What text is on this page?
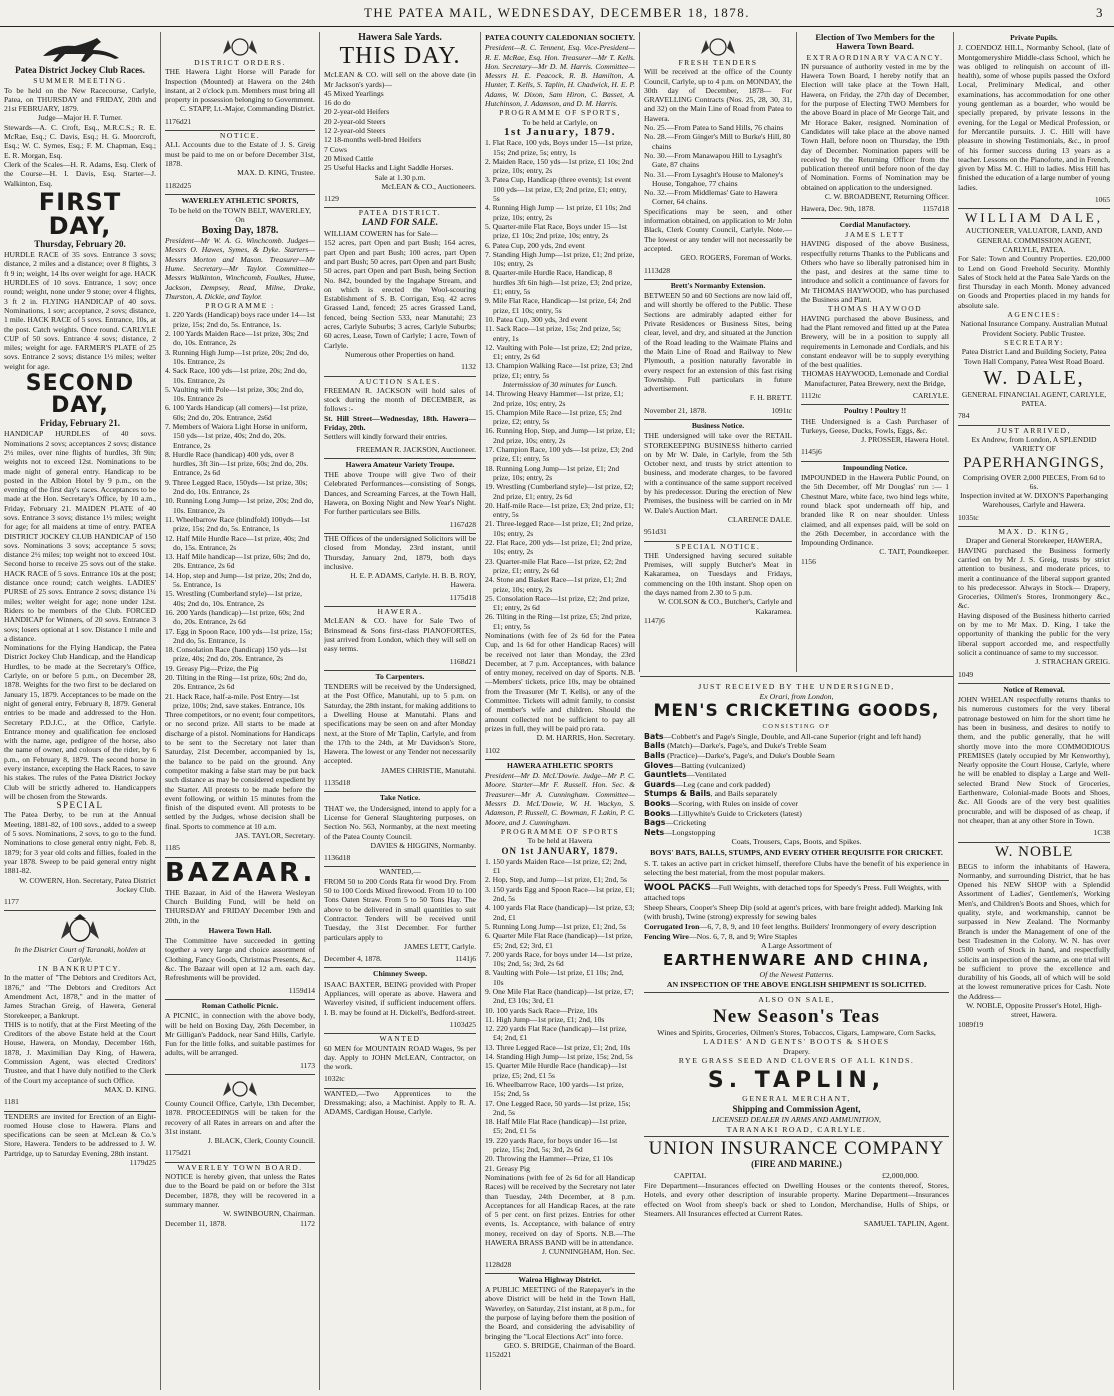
THE PATEA MAIL, WEDNESDAY, DECEMBER 18, 1878.	3
Patea District Jockey Club Races.
SUMMER MEETING.
To be held on the New Racecourse, Carlyle, Patea, on THURSDAY and FRIDAY, 20th and 21st FEBRUARY, 1879.
Judge—Major H. F. Turner.
Stewards—A. C. Croft, Esq., M.R.C.S.; R. E. McRae, Esq.; C. Davis, Esq.; H. G. Moorcroft, Esq.; W. C. Symes, Esq.; F. M. Chapman, Esq.; E. R. Morgan, Esq.
Clerk of the Scales—H. R. Adams, Esq. Clerk of the Course—H. I. Davis, Esq. Starter—J. Walkinton, Esq.
FIRST DAY,
Thursday, February 20.
HURDLE RACE of 35 sovs. Entrance 3 sovs; distance, 2 miles and a distance; over 8 flights, 3 ft 9 in; weight, 14 lbs over weight for age. HACK HURDLES of 10 sovs. Entrance, 1 sov; once round; weight, none under 9 stone; over 4 flights, 3 ft 2 in. FLYING HANDICAP of 40 sovs. Nominations, 1 sov; acceptance, 2 sovs; distance, 1 mile. HACK RACE of 5 sovs. Entrance, 10s, at the post. Catch weights. Once round. CARLYLE CUP of 50 sovs. Entrance 4 sovs; distance, 2 miles; weight for age. FARMER'S PLATE of 25 sovs. Entrance 2 sovs; distance 1½ miles; welter weight for age.
SECOND DAY,
Friday, February 21.
HANDICAP HURDLES of 40 sovs. Nominations 2 sovs; acceptances 2 sovs; distance 2½ miles, over nine flights of hurdles, 3ft 9in; weights not to exceed 12st. Nominations to be made night of general entry. Handicap to be posted in the Albion Hotel by 9 p.m., on the evening of the first day's races. Acceptances to be made at the Hon. Secretary's Office, by 10 a.m., Friday, February 21. MAIDEN PLATE of 40 sovs. Entrance 3 sovs; distance 1½ miles; weight for age; for all maidens at time of entry. PATEA DISTRICT JOCKEY CLUB HANDICAP of 150 sovs. Nominations 3 sovs; acceptance 5 sovs; distance 2½ miles; top weight not to exceed 10st. Second horse to receive 25 sovs out of the stake. HACK RACE of 5 sovs. Entrance 10s at the post; distance once round; catch weights. LADIES' PURSE of 25 sovs. Entrance 2 sovs; distance 1¼ miles; welter weight for age; none under 12st. Riders to be members of the Club. FORCED HANDICAP for Winners, of 20 sovs. Entrance 3 sovs; losers optional at 1 sov. Distance 1 mile and a distance.
Nominations for the Flying Handicap, the Patea District Jockey Club Handicap, and the Handicap Hurdles, to be made at the Secretary's Office, Carlyle, on or before 5 p.m., on December 28, 1878. Weights for the two first to be declared on January 15, 1879. Acceptances to be made on the night of general entry, February 8, 1879. General entries to be made and addressed to the Hon. Secretary P.D.J.C., at the Office, Carlyle. Entrance money and qualification fee enclosed with the name, age, pedigree of the horse, also the name of owner, and colours of the rider, by 6 p.m., on February 8, 1879. The second horse in every instance, excepting the Hack Races, to save his stakes. The rules of the Patea District Jockey Club will be strictly adhered to. Handicappers will be chosen from the Stewards.
SPECIAL
The Patea Derby, to be run at the Annual Meeting, 1881-82, of 100 sovs., added to a sweep of 5 sovs. Nominations, 2 sovs, to go to the fund. Nominations to close general entry night, Feb. 8, 1879; for 3 year old colts and fillies, foaled in the year 1878. Sweep to be paid general entry night 1881-82.
W. COWERN, Hon. Secretary, Patea District Jockey Club.
1177
In the District Court of Taranaki, holden at Carlyle.
IN BANKRUPTCY.
In the matter of "The Debtors and Creditors Act, 1876," and "The Debtors and Creditors Act Amendment Act, 1878," and in the matter of James Strachan Greig, of Hawera, General Storekeeper, a Bankrupt.
THIS is to notify, that at the First Meeting of the Creditors of the above Estate held at the Court House, Hawera, on Monday, December 16th, 1878, J. Maximilian Day King, of Hawera, Commission Agent, was elected Creditors' Trustee, and that I have duly notified to the Clerk of the Court my acceptance of such Office.
MAX. D. KING.
1181
TENDERS are invited for Erection of an Eight-roomed House close to Hawera. Plans and specifications can be seen at McLean & Co.'s Store, Hawera. Tenders to be addressed to J. W. Partridge, up to Saturday Evening, 28th instant.
1179d25
DISTRICT ORDERS.
THE Hawera Light Horse will Parade for Inspection (Mounted) at Hawera on the 24th instant, at 2 o'clock p.m. Members must bring all property in possession belonging to Government.
C. STAPP, Lt.-Major, Commanding District.
1176d21
NOTICE.
ALL Accounts due to the Estate of J. S. Greig must be paid to me on or before December 31st, 1878.
MAX. D. KING, Trustee.
1182d25
WAVERLEY ATHLETIC SPORTS,
To be held on the TOWN BELT, WAVERLEY, On
Boxing Day, 1878.
President—Mr W. A. G. Winchcomb. Judges—Messrs O. Hawes, Symes, & Dyke. Starters—Messrs Morton and Mason. Treasurer—Mr Hume. Secretary—Mr Taylor. Committee—Messrs Walkinton, Winchcomb, Foulkes, Hume, Jackson, Dempsey, Read, Milne, Drake, Thurston, A. Dickie, and Taylor.
PROGRAMME :
1. 220 Yards (Handicap) boys race under 14—1st prize, 15s; 2nd do, 5s. Entrance, 1s.
2. 100 Yards Maiden Race—1st prize, 30s; 2nd do, 10s. Entrance, 2s
3. Running High Jump—1st prize, 20s; 2nd do, 10s. Entrance, 2s
4. Sack Race, 100 yds—1st prize, 20s; 2nd do, 10s. Entrance, 2s
5. Vaulting with Pole—1st prize, 30s; 2nd do, 10s. Entrance 2s
6. 100 Yards Handicap (all comers)—1st prize, 60s; 2nd do, 20s. Entrance, 2s6d
7. Members of Waiora Light Horse in uniform, 150 yds—1st prize, 40s; 2nd do, 20s. Entrance, 2s
8. Hurdle Race (handicap) 400 yds, over 8 hurdles, 3ft 3in—1st prize, 60s; 2nd do, 20s. Entrance, 2s 6d
9. Three Legged Race, 150yds—1st prize, 30s; 2nd do, 10s. Entrance, 2s
10. Running Long Jump—1st prize, 20s; 2nd do, 10s. Entrance, 2s
11. Wheelbarrow Race (blindfold) 100yds—1st prize, 15s; 2nd do, 5s. Entrance, 1s
12. Half Mile Hurdle Race—1st prize, 40s; 2nd do, 15s. Entrance, 2s
13. Half Mile handicap—1st prize, 60s; 2nd do, 20s. Entrance, 2s 6d
14. Hop, step and Jump—1st prize, 20s; 2nd do, 5s. Entrance, 1s
15. Wrestling (Cumberland style)—1st prize, 40s; 2nd do, 10s. Entrance, 2s
16. 200 Yards (handicap)—1st prize, 60s; 2nd do, 20s. Entrance, 2s 6d
17. Egg in Spoon Race, 100 yds—1st prize, 15s; 2nd do, 5s. Entrance, 1s
18. Consolation Race (handicap) 150 yds—1st prize, 40s; 2nd do, 20s. Entrance, 2s
19. Greasy Pig—Prize, the Pig
20. Tilting in the Ring—1st prize, 60s; 2nd do, 20s. Entrance, 2s 6d
21. Hack Race, half-a-mile. Post Entry—1st prize, 100s; 2nd, save stakes. Entrance, 10s
Three competitors, or no event; four competitors, or no second prize. All starts to be made at discharge of a pistol. Nominations for Handicaps to be sent to the Secretary not later than Saturday, 21st December, accompanied by 1s, the balance to be paid on the ground. Any competitor making a false start may be put back such distance as may be considered expedient by the Starter. All protests to be made before the event following, or within 15 minutes from the finish of the disputed event. All protests to be settled by the Judges, whose decision shall be final. Sports to commence at 10 a.m.
JAS. TAYLOR, Secretary.
1185
BAZAAR.
THE Bazaar, in Aid of the Hawera Wesleyan Church Building Fund, will be held on THURSDAY and FRIDAY December 19th and 20th, in the
Hawera Town Hall.
The Committee have succeeded in getting together a very large and choice assortment of Clothing, Fancy Goods, Christmas Presents, &c., &c. The Bazaar will open at 12 a.m. each day. Refreshments will be provided.
1159d14
Roman Catholic Picnic.
A PICNIC, in connection with the above body, will be held on Boxing Day, 26th December, in Mr Gilligan's Paddock, near Sand Hills, Carlyle. Fun for the little folks, and suitable pastimes for adults, will be arranged.
1173
County Council Office, Carlyle, 13th December, 1878. PROCEEDINGS will be taken for the recovery of all Rates in arrears on and after the 31st instant.
J. BLACK, Clerk, County Council.
1175d21
WAVERLEY TOWN BOARD.
NOTICE is hereby given, that unless the Rates due to the Board be paid on or before the 31st December, 1878, they will be recovered in a summary manner.
W. SWINBOURN, Chairman.
December 11, 1878.	1172
Hawera Sale Yards.
THIS DAY.
McLEAN & CO. will sell on the above date (in Mr Jackson's yards)—
45 Mixed Yearlings
16 do do
20 2-year-old Heifers
20 2-year-old Steers
12 2-year-old Steers
12 18-months well-bred Heifers
7 Cows
20 Mixed Cattle
25 Useful Hacks and Light Saddle Horses.
Sale at 1.30 p.m.
McLEAN & CO., Auctioneers.
1129
PATEA DISTRICT.
LAND FOR SALE.
WILLIAM COWERN has for Sale—
152 acres, part Open and part Bush; 164 acres, part Open and part Bush; 100 acres, part Open and part Bush; 50 acres, part Open and part Bush; 50 acres, part Open and part Bush, being Section No. 842, bounded by the Ingahape Stream, and on which is erected the Wool-scouring Establishment of S. B. Corrigan, Esq. 42 acres Grassed Land, fenced; 25 acres Grassed Land, fenced, being Section 533, near Manutahi; 23 acres, Carlyle Suburbs; 3 acres, Carlyle Suburbs; 60 acres, Lease, Town of Carlyle; 1 acre, Town of Carlyle.
Numerous other Properties on hand.
1132
AUCTION SALES.
FREEMAN R. JACKSON will hold sales of stock during the month of DECEMBER, as follows :-
St. Hill Street—Wednesday, 18th. Hawera—Friday, 20th.
Settlers will kindly forward their entries.
FREEMAN R. JACKSON, Auctioneer.
Hawera Amateur Variety Troupe.
THE above Troupe will give Two of their Celebrated Performances—consisting of Songs, Dances, and Screaming Farces, at the Town Hall, Hawera, on Boxing Night and New Year's Night. For further particulars see Bills.
1167d28
THE Offices of the undersigned Solicitors will be closed from Monday, 23rd instant, until Thursday, January 2nd, 1879, both days inclusive.
H. E. P. ADAMS, Carlyle. H. B. B. ROY, Hawera.
1175d18
HAWERA.
McLEAN & CO. have for Sale Two of Brinsmead & Sons first-class PIANOFORTES, just arrived from London, which they will sell on easy terms.
1168d21
To Carpenters.
TENDERS will be received by the Undersigned, at the Post Office, Manutahi, up to 5 p.m. on Saturday, the 28th instant, for making additions to a Dwelling House at Manutahi. Plans and specifications may be seen on and after Monday next, at the Store of Mr Taplin, Carlyle, and from the 17th to the 24th, at Mr Davidson's Store, Hawera. The lowest or any Tender not necessarily accepted.
JAMES CHRISTIE, Manutahi.
1135d18
Take Notice.
THAT we, the Undersigned, intend to apply for a License for General Slaughtering purposes, on Section No. 563, Normanby, at the next meeting of the Patea County Council.
DAVIES & HIGGINS, Normanby.
1136d18
WANTED,—
FROM 50 to 200 Cords Rata fir wood Dry. From 50 to 100 Cords Mixed firewood. From 10 to 100 Tons Oaten Straw. From 5 to 50 Tons Hay. The above to be delivered in small quantities to suit Contractor. Tenders will be received until Tuesday, the 31st December. For further particulars apply to
JAMES LETT, Carlyle.
December 4, 1878.	1141j6
Chimney Sweep.
ISAAC BAXTER, BEING provided with Proper Appliances, will operate as above. Hawera and Waverley visited, if sufficient inducement offers. I. B. may be found at H. Dickell's, Bedford-street.
1103d25
WANTED
60 MEN for MOUNTAIN ROAD Wages, 9s per day. Apply to JOHN McLEAN, Contractor, on the work.
1032tc
WANTED,—Two Apprentices to the Dressmaking; also, a Machinist. Apply to R. A. ADAMS, Cardigan House, Carlyle.
PATEA COUNTY CALEDONIAN SOCIETY.
President—R. C. Tennent, Esq. Vice-President—R. E. McRae, Esq. Hon. Treasurer—Mr T. Kells. Hon. Secretary—Mr D. M. Harris. Committee—Messrs H. E. Peacock, R. B. Hamilton, A. Hunter, T. Kells, S. Taplin, H. Chadwick, H. E. P. Adams, W. Dixon, Sam Hiron, C. Basset, A. Hutchinson, J. Adamson, and D. M. Harris.
PROGRAMME OF SPORTS,
To be held at Carlyle, on
1st January, 1879.
1. Flat Race, 100 yds, Boys under 15—1st prize, 15s; 2nd prize, 5s; entry, 1s
2. Maiden Race, 150 yds—1st prize, £1 10s; 2nd prize, 10s; entry, 2s
3. Patea Cup, Handicap (three events); 1st event 100 yds—1st prize, £3; 2nd prize, £1; entry, 5s
4. Running High Jump — 1st prize, £1 10s; 2nd prize, 10s; entry, 2s
5. Quarter-mile Flat Race, Boys under 15—1st prize, £1 10s; 2nd prize, 10s; entry, 2s
6. Patea Cup, 200 yds, 2nd event
7. Standing High Jump—1st prize, £1; 2nd prize, 10s; entry, 2s
8. Quarter-mile Hurdle Race, Handicap, 8 hurdles 3ft 6in high—1st prize, £3; 2nd prize, £1; entry, 5s
9. Mile Flat Race, Handicap—1st prize, £4; 2nd prize, £1 10s; entry, 5s
10. Patea Cup, 300 yds, 3rd event
11. Sack Race—1st prize, 15s; 2nd prize, 5s; entry, 1s
12. Vaulting with Pole—1st prize, £2; 2nd prize, £1; entry, 2s 6d
13. Champion Walking Race—1st prize, £3; 2nd prize, £1; entry, 5s
Intermission of 30 minutes for Lunch.
14. Throwing Heavy Hammer—1st prize, £1; 2nd prize, 10s; entry, 2s
15. Champion Mile Race—1st prize, £5; 2nd prize, £2; entry, 5s
16. Running Hop, Step, and Jump—1st prize, £1; 2nd prize, 10s; entry, 2s
17. Champion Race, 100 yds—1st prize, £3; 2nd prize, £1; entry, 5s
18. Running Long Jump—1st prize, £1; 2nd prize, 10s; entry, 2s
19. Wrestling (Cumberland style)—1st prize, £2; 2nd prize, £1; entry, 2s 6d
20. Half-mile Race—1st prize, £3; 2nd prize, £1; entry, 5s
21. Three-legged Race—1st prize, £1; 2nd prize, 10s; entry, 2s
22. Flat Race, 200 yds—1st prize, £1; 2nd prize, 10s; entry, 2s
23. Quarter-mile Flat Race—1st prize, £2; 2nd prize, £1; entry, 2s 6d
24. Stone and Basket Race—1st prize, £1; 2nd prize, 10s; entry, 2s
25. Consolation Race—1st prize, £2; 2nd prize, £1; entry, 2s 6d
26. Tilting in the Ring—1st prize, £5; 2nd prize, £1; entry, 5s
Nominations (with fee of 2s 6d for the Patea Cup, and 1s 6d for other Handicap Races) will be received not later than Monday, the 23rd December, at 7 p.m. Acceptances, with balance of entry money, received on day of Sports. N.B.—Members' tickets, price 10s, may be obtained from the Treasurer (Mr T. Kells), or any of the Committee. Tickets will admit family, to consist of member's wife and children. Should the amount collected not be sufficient to pay all prizes in full, they will be paid pro rata.
D. M. HARRIS, Hon. Secretary.
1102
HAWERA ATHLETIC SPORTS
President—Mr D. McL'Dowie. Judge—Mr P. C. Moore. Starter—Mr F. Russell. Hon. Sec. & Treasurer—Mr A. Cunningham. Committee—Messrs D. McL'Dowie, W. H. Wackyn, S. Adamson, P. Russell, C. Bowman, F. Lakin, P. C. Moore, and J. Cunningham.
PROGRAMME OF SPORTS
To be held at Hawera
ON 1st JANUARY, 1879.
1. 150 yards Maiden Race—1st prize, £2; 2nd, £1
2. Hop, Step, and Jump—1st prize, £1; 2nd, 5s
3. 150 yards Egg and Spoon Race—1st prize, £1; 2nd, 5s
4. 100 yards Flat Race (handicap)—1st prize, £3; 2nd, £1
5. Running Long Jump—1st prize, £1; 2nd, 5s
6. Quarter Mile Flat Race (handicap)—1st prize, £5; 2nd, £2; 3rd, £1
7. 200 yards Race, for boys under 14—1st prize, 10s; 2nd, 5s; 3rd, 2s 6d
8. Vaulting with Pole—1st prize, £1 10s; 2nd, 10s
9. One Mile Flat Race (handicap)—1st prize, £7; 2nd, £3 10s; 3rd, £1
10. 100 yards Sack Race—Prize, 10s
11. High Jump—1st prize, £1; 2nd, 10s
12. 220 yards Flat Race (handicap)—1st prize, £4; 2nd, £1
13. Three Legged Race—1st prize, £1; 2nd, 10s
14. Standing High Jump—1st prize, 15s; 2nd, 5s
15. Quarter Mile Hurdle Race (handicap)—1st prize, £5; 2nd, £1 5s
16. Wheelbarrow Race, 100 yards—1st prize, 15s; 2nd, 5s
17. One Legged Race, 50 yards—1st prize, 15s; 2nd, 5s
18. Half Mile Flat Race (handicap)—1st prize, £5; 2nd, £1 5s
19. 220 yards Race, for boys under 16—1st prize, 15s; 2nd, 5s; 3rd, 2s 6d
20. Throwing the Hammer—Prize, £1 10s
21. Greasy Pig
Nominations (with fee of 2s 6d for all Handicap Races) will be received by the Secretary not later than Tuesday, 24th December, at 8 p.m. Acceptances for all Handicap Races, at the rate of 5 per cent. on first prizes. Entries for other events, 1s. Acceptance, with balance of entry money, received on day of Sports. N.B.—The HAWERA BRASS BAND will be in attendance.
J. CUNNINGHAM, Hon. Sec.
1128d28
Wairoa Highway District.
A PUBLIC MEETING of the Ratepayer's in the above District will be held in the Town Hall, Waverley, on Saturday, 21st instant, at 8 p.m., for the purpose of laying before them the position of the Board, and considering the advisability of bringing the "Local Elections Act" into force.
GEO. S. BRIDGE, Chairman of the Board.
1152d21
FRESH TENDERS
Will be received at the office of the County Council, Carlyle, up to 4 p.m. on MONDAY, the 30th day of December, 1878— For GRAVELLING Contracts (Nos. 25, 28, 30, 31, and 32) on the Main Line of Road from Patea to Hawera.
No. 25.—From Patea to Sand Hills, 76 chains
No. 28.—From Ginger's Mill to Burke's Hill, 80 chains
No. 30.—From Manawapou Hill to Lysaght's Gate, 87 chains
No. 31.—From Lysaght's House to Maloney's House, Tongahoe, 77 chains
No. 32.—From Middlemas' Gate to Hawera Corner, 64 chains.
Specifications may be seen, and other information obtained, on application to Mr John Black, Clerk County Council, Carlyle. Note.—The lowest or any tender will not necessarily be accepted.
GEO. ROGERS, Foreman of Works.
1113d28
Brett's Normanby Extension.
BETWEEN 50 and 60 Sections are now laid off, and will shortly be offered to the Public. These Sections are admirably adapted either for Private Residences or Business Sites, being clear, level, and dry, and situated at the Junction of the Road leading to the Waimate Plains and the Main Line of Road and Railway to New Plymouth, a position naturally favorable in every respect for an extension of this fast rising Township. Full particulars in future advertisement.
F. H. BRETT.
November 21, 1878.	1091tc
Business Notice.
THE undersigned will take over the RETAIL STOREKEEPING BUSINESS hitherto carried on by Mr W. Dale, in Carlyle, from the 5th October next, and trusts by strict attention to business, and moderate charges, to be favored with a continuance of the same support received by his predecessor. During the erection of New Premises, the business will be carried on in Mr W. Dale's Auction Mart.
CLARENCE DALE.
951d31
SPECIAL NOTICE.
THE Undersigned having secured suitable Premises, will supply Butcher's Meat in Kakaramea, on Tuesdays and Fridays, commencing on the 10th instant. Shop open on the days named from 2.30 to 5 p.m.
W. COLSON & CO., Butcher's, Carlyle and Kakaramea.
1147j6
Election of Two Members for the Hawera Town Board.
EXTRAORDINARY VACANCY.
IN pursuance of authority vested in me by the Hawera Town Board, I hereby notify that an Election will take place at the Town Hall, Hawera, on Friday, the 27th day of December, for the purpose of Electing TWO Members for the above Board in place of Mr George Tait, and Mr Horace Baker, resigned. Nomination of Candidates will take place at the above named Town Hall, before noon on Thursday, the 19th day of December. Nomination papers will be received by the Returning Officer from the publication thereof until before noon of the day of Nomination. Forms of Nomination may be obtained on application to the undersigned.
C. W. BROADBENT, Returning Officer.
Hawera, Dec. 9th, 1878.	1157d18
Cordial Manufactory.
JAMES LETT
HAVING disposed of the above Business, respectfully returns Thanks to the Publicans and Others who have so liberally patronised him in the past, and desires at the same time to introduce and solicit a continuance of favors for Mr THOMAS HAYWOOD, who has purchased the Business and Plant.
THOMAS HAYWOOD
HAVING purchased the above Business, and had the Plant removed and fitted up at the Patea Brewery, will be in a position to supply all requirements in Lemonade and Cordials, and his constant endeavor will be to supply everything of the best qualities.
THOMAS HAYWOOD, Lemonade and Cordial Manufacturer, Patea Brewery, next the Bridge,
1112tc	CARLYLE.
Poultry ! Poultry !!
THE Undersigned is a Cash Purchaser of Turkeys, Geese, Ducks, Fowls, Eggs, &c.
J. PROSSER, Hawera Hotel.
1145j6
Impounding Notice.
IMPOUNDED in the Hawera Public Pound, on the 5th December, off Mr Douglas' run :— 1 Chestnut Mare, white face, two hind legs white, round black spot underneath off hip, and branded like R on near shoulder. Unless claimed, and all expenses paid, will be sold on the 26th December, in accordance with the Impounding Ordinance.
C. TAIT, Poundkeeper.
1156
Private Pupils.
J. COENDOZ HILL, Normanby School, (late of Montgomeryshire Middle-class School, which he was obliged to relinquish on account of ill-health), some of whose pupils passed the Oxford Local, Preliminary Medical, and other examinations, has accommodation for one other young gentleman as a boarder, who would be specially prepared, by private lessons in the evening, for the Legal or Medical Profession, or for Mercantile pursuits. J. C. Hill will have pleasure in showing Testimonials, &c., in proof of his former success during 13 years as a teacher. Lessons on the Pianoforte, and in French, given by Miss M. C. Hill to ladies. Miss Hill has finished the education of a large number of young ladies.
1065
WILLIAM DALE,
AUCTIONEER, VALUATOR, LAND, AND GENERAL COMMISSION AGENT, CARLYLE, PATEA.
For Sale: Town and Country Properties. £20,000 to Lend on Good Freehold Security. Monthly Sales of Stock held at the Patea Sale Yards on the first Thursday in each Month. Money advanced on Goods and Properties placed in my hands for absolute sale.
AGENCIES:
National Insurance Company. Australian Mutual Provident Society. Public Trustee.
SECRETARY:
Patea District Land and Building Society, Patea Town Hall Company, Patea West Road Board.
W. DALE,
GENERAL FINANCIAL AGENT, CARLYLE, PATEA.
784
JUST ARRIVED,
Ex Andrew, from London, A SPLENDID VARIETY OF
PAPERHANGINGS,
Comprising OVER 2,000 PIECES, From 6d to 6s.
Inspection invited at W. DIXON'S Paperhanging Warehouses, Carlyle and Hawera.
1035tc
MAX. D. KING,
Draper and General Storekeeper, HAWERA,
HAVING purchased the Business formerly carried on by Mr J. S. Greig, trusts by strict attention to business, and moderate prices, to merit a continuance of the liberal support granted to his predecessor. Always in Stock— Drapery, Groceries, Oilmen's Stores, Ironmongery &c., &c.
Having disposed of the Business hitherto carried on by me to Mr Max. D. King, I take the opportunity of thanking the public for the very liberal support accorded me, and respectfully solicit a continuance of same to my successor.
J. STRACHAN GREIG.
1049
Notice of Removal.
JOHN WHELAN respectfully returns thanks to his numerous customers for the very liberal patronage bestowed on him for the short time he has been in business, and desires to notify to them, and the public generally, that he will shortly move into the more COMMODIOUS PREMISES (lately occupied by Mr Kenworthy), Nearly opposite the Court House, Carlyle, where he will be enabled to display a Large and Well-selected Brand New Stock of Groceries, Earthenware, Colonial-made Boots and Shoes, &c. All Goods are of the very best qualities procurable, and will be disposed of as cheap, if not cheaper, than at any other Store in Town.
1C38
W. NOBLE
BEGS to inform the inhabitants of Hawera, Normanby, and surrounding District, that he has Opened his NEW SHOP with a Splendid Assortment of Ladies', Gentlemen's, Working Men's, and Children's Boots and Shoes, which for quality, style, and workmanship, cannot be surpassed in New Zealand. The Normanby Branch is under the Management of one of the best Tradesmen in the Colony. W. N. has over £500 worth of Stock in hand, and respectfully solicits an inspection of the same, as one trial will be sufficient to prove the excellence and durability of his Goods, all of which will be sold at the lowest remunerative prices for Cash. Note the Address—
W. NOBLE, Opposite Prosser's Hotel, High-street, Hawera.
1089f19
JUST RECEIVED BY THE UNDERSIGNED,
Ex Orari, from London,
MEN'S CRICKETING GOODS,
CONSISTING OF
Bats—Cobbett's and Page's Single, Double, and All-cane Superior (right and left hand)
Balls (Match)—Darke's, Page's, and Duke's Treble Seam
Balls (Practice)—Darke's, Page's, and Duke's Double Seam
Gloves—Batting (vulcanized)
Gauntlets—Ventilated
Guards—Leg (cane and cork padded)
Stumps & Bails, and Bails separately
Books—Scoring, with Rules on inside of cover
Books—Lillywhite's Guide to Cricketers (latest)
Bags—Cricketing
Nets—Longstopping
Coats, Trousers, Caps, Boots, and Spikes.
BOYS' BATS, BALLS, STUMPS, AND EVERY OTHER REQUISITE FOR CRICKET.
S. T. takes an active part in cricket himself, therefore Clubs have the benefit of his experience in selecting the best material, from the most popular makers.
WOOL PACKS—Full Weights, with detached tops for Speedy's Press. Full Weights, with attached tops
Sheep Shears, Cooper's Sheep Dip (sold at agent's prices, with bare freight added). Marking Ink (with brush), Twine (strong) expressly for sewing bales
Corrugated Iron—6, 7, 8, 9, and 10 feet lengths. Builders' Ironmongery of every description
Fencing Wire—Nos. 6, 7, 8, and 9; Wire Staples
A Large Assortment of
EARTHENWARE AND CHINA,
Of the Newest Patterns.
AN INSPECTION OF THE ABOVE ENGLISH SHIPMENT IS SOLICITED.
ALSO ON SALE,
New Season's Teas
Wines and Spirits, Groceries, Oilmen's Stores, Tobaccos, Cigars, Lampware, Corn Sacks,
LADIES' AND GENTS' BOOTS & SHOES
Drapery.
RYE GRASS SEED AND CLOVERS OF ALL KINDS.
S. TAPLIN,
GENERAL MERCHANT,
Shipping and Commission Agent,
LICENSED DEALER IN ARMS AND AMMUNITION,
TARANAKI ROAD, CARLYLE.
UNION INSURANCE COMPANY
(FIRE AND MARINE.)
CAPITAL	£2,000,000.
Fire Department—Insurances effected on Dwelling Houses or the contents thereof, Stores, Hotels, and every other description of insurable property. Marine Department—Insurances effected on Wool from sheep's back or shed to London, Merchandise, Hulls of Ships, or Steamers. All Insurances effected at Current Rates.
SAMUEL TAPLIN, Agent.
